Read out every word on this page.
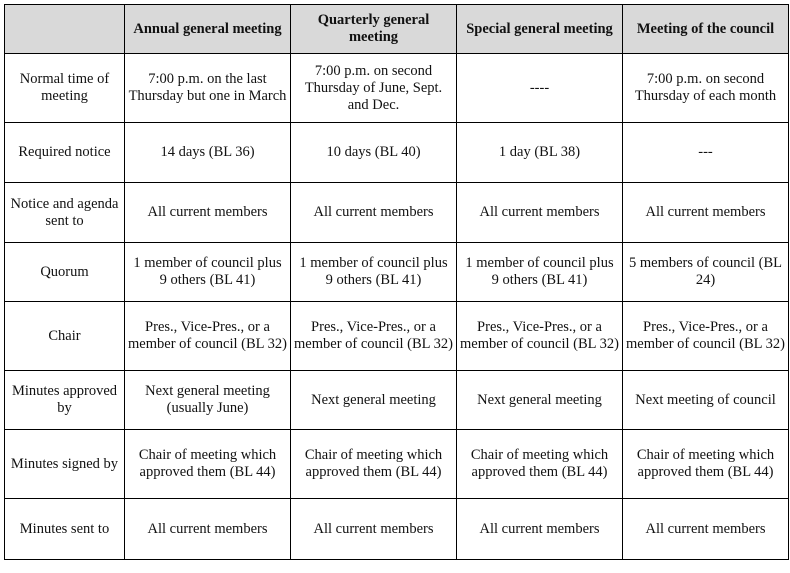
	Annual general meeting	Quarterly general meeting	Special general meeting	Meeting of the council
Normal time of meeting	7:00 p.m. on the last Thursday but one in March	7:00 p.m. on second Thursday of June, Sept. and Dec.	----	7:00 p.m. on second Thursday of each month
Required notice	14 days (BL 36)	10 days (BL 40)	1 day (BL 38)	---
Notice and agenda sent to	All current members	All current members	All current members	All current members
Quorum	1 member of council plus 9 others (BL 41)	1 member of council plus 9 others (BL 41)	1 member of council plus 9 others (BL 41)	5 members of council (BL 24)
Chair	Pres., Vice-Pres., or a member of council (BL 32)	Pres., Vice-Pres., or a member of council (BL 32)	Pres., Vice-Pres., or a member of council (BL 32)	Pres., Vice-Pres., or a member of council (BL 32)
Minutes approved by	Next general meeting (usually June)	Next general meeting	Next general meeting	Next meeting of council
Minutes signed by	Chair of meeting which approved them (BL 44)	Chair of meeting which approved them (BL 44)	Chair of meeting which approved them (BL 44)	Chair of meeting which approved them (BL 44)
Minutes sent to	All current members	All current members	All current members	All current members
